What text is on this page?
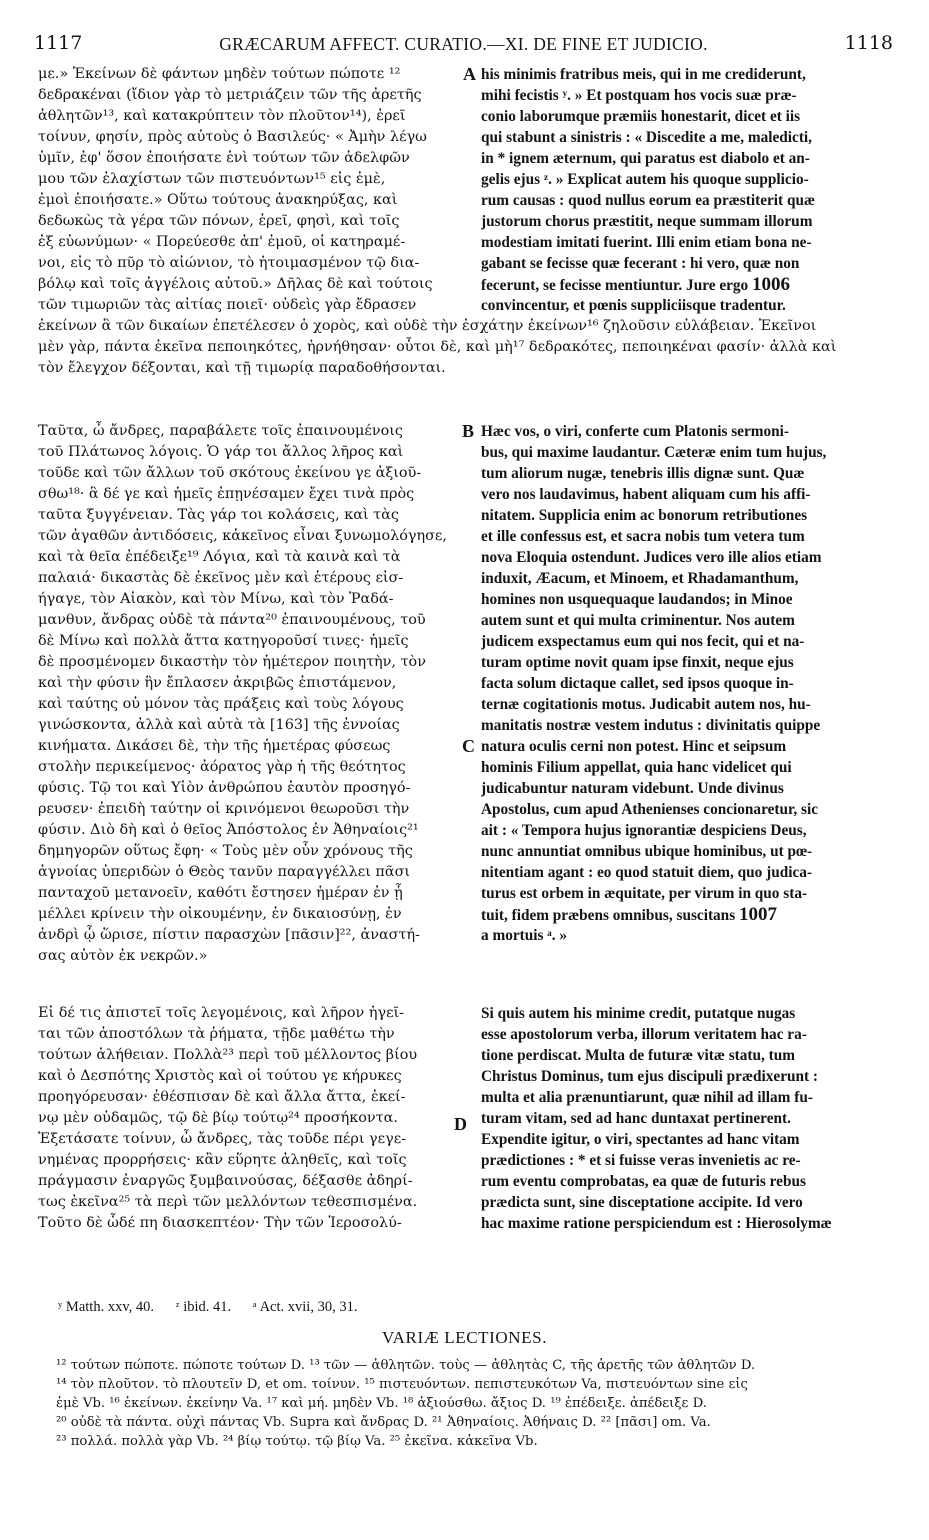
1117	GRÆCARUM AFFECT. CURATIO.—XI. DE FINE ET JUDICIO.	1118
με.» Ἐκείνων δὲ φάντων μηδὲν τούτων πώποτε ¹²
δεδρακέναι (ἴδιον γὰρ τὸ μετριάζειν τῶν τῆς ἀρετῆς
ἀθλητῶν¹³, καὶ κατακρύπτειν τὸν πλοῦτον¹⁴), ἐρεῖ
τοίνυν, φησίν, πρὸς αὐτοὺς ὁ Βασιλεύς· « Ἀμὴν λέγω
ὑμῖν, ἐφ' ὅσον ἐποιήσατε ἑνὶ τούτων τῶν ἀδελφῶν
μου τῶν ἐλαχίστων τῶν πιστευόντων¹⁵ εἰς ἐμὲ,
ἐμοὶ ἐποιήσατε.» Οὕτω τούτους ἀνακηρύξας, καὶ
δεδωκὼς τὰ γέρα τῶν πόνων, ἐρεῖ, φησὶ, καὶ τοῖς
ἐξ εὐωνύμων· « Πορεύεσθε ἀπ' ἐμοῦ, οἱ κατηραμέ-
νοι, εἰς τὸ πῦρ τὸ αἰώνιον, τὸ ἡτοιμασμένον τῷ δια-
βόλῳ καὶ τοῖς ἀγγέλοις αὐτοῦ.» Δῆλας δὲ καὶ τούτοις
τῶν τιμωριῶν τὰς αἰτίας ποιεῖ· οὐδεὶς γὰρ ἔδρασεν
A his minimis fratribus meis, qui in me crediderunt,
mihi fecistis ʸ. » Et postquam hos vocis suæ præ-
conio laborumque præmiis honestarit, dicet et iis
qui stabunt a sinistris : « Discedite a me, maledicti,
in * ignem æternum, qui paratus est diabolo et an-
gelis ejus ᶻ. » Explicat autem his quoque supplicio-
rum causas : quod nullus eorum ea præstiterit quæ
justorum chorus præstitit, neque summam illorum
modestiam imitati fuerint. Illi enim etiam bona ne-
gabant se fecisse quæ fecerant : hi vero, quæ non
fecerunt, se fecisse mentiuntur. Jure ergo 1006
convincentur, et pœnis suppliciisque tradentur.
ἐκείνων ἃ τῶν δικαίων ἐπετέλεσεν ὁ χορὸς, καὶ οὐδὲ τὴν ἐσχάτην ἐκείνων¹⁶ ζηλοῦσιν εὐλάβειαν. Ἐκεῖνοι
μὲν γὰρ, πάντα ἐκεῖνα πεποιηκότες, ἠρνήθησαν· οὗτοι δὲ, καὶ μὴ¹⁷ δεδρακότες, πεποιηκέναι φασίν· ἀλλὰ καὶ
τὸν ἔλεγχον δέξονται, καὶ τῇ τιμωρίᾳ παραδοθήσονται.
Ταῦτα, ὦ ἄνδρες, παραβάλετε τοῖς ἐπαινουμένοις
τοῦ Πλάτωνος λόγοις. Ὁ γάρ τοι ἄλλος λῆρος καὶ
τοῦδε καὶ τῶν ἄλλων τοῦ σκότους ἐκείνου γε ἀξιοῦ-
σθω¹⁸· ἃ δέ γε καὶ ἡμεῖς ἐπῃνέσαμεν ἔχει τινὰ πρὸς
ταῦτα ξυγγένειαν. Τὰς γάρ τοι κολάσεις, καὶ τὰς
τῶν ἀγαθῶν ἀντιδόσεις, κἀκεῖνος εἶναι ξυνωμολόγησε,
καὶ τὰ θεῖα ἐπέδειξε¹⁹ Λόγια, καὶ τὰ καινὰ καὶ τὰ
παλαιά· δικαστὰς δὲ ἐκεῖνος μὲν καὶ ἑτέρους εἰσ-
ήγαγε, τὸν Αἰακὸν, καὶ τὸν Μίνω, καὶ τὸν Ῥαδά-
μανθυν, ἄνδρας οὐδὲ τὰ πάντα²⁰ ἐπαινουμένους, τοῦ
δὲ Μίνω καὶ πολλὰ ἄττα κατηγοροῦσί τινες· ἡμεῖς
δὲ προσμένομεν δικαστὴν τὸν ἡμέτερον ποιητὴν, τὸν
καὶ τὴν φύσιν ἣν ἔπλασεν ἀκριβῶς ἐπιστάμενον,
καὶ ταύτης οὐ μόνον τὰς πράξεις καὶ τοὺς λόγους
γινώσκοντα, ἀλλὰ καὶ αὐτὰ τὰ [163] τῆς ἐννοίας
κινήματα. Δικάσει δὲ, τὴν τῆς ἡμετέρας φύσεως
στολὴν περικείμενος· ἀόρατος γὰρ ἡ τῆς θεότητος
φύσις. Τῷ τοι καὶ Υἱὸν ἀνθρώπου ἑαυτὸν προσηγό-
ρευσεν· ἐπειδὴ ταύτην οἱ κρινόμενοι θεωροῦσι τὴν
φύσιν. Διὸ δὴ καὶ ὁ θεῖος Ἀπόστολος ἐν Ἀθηναίοις²¹
δημηγορῶν οὕτως ἔφη· « Τοὺς μὲν οὖν χρόνους τῆς
ἀγνοίας ὑπεριδὼν ὁ Θεὸς τανῦν παραγγέλλει πᾶσι
πανταχοῦ μετανοεῖν, καθότι ἔστησεν ἡμέραν ἐν ᾗ
μέλλει κρίνειν τὴν οἰκουμένην, ἐν δικαιοσύνῃ, ἐν
ἀνδρὶ ᾧ ὥρισε, πίστιν παρασχὼν [πᾶσιν]²², ἀναστή-
σας αὐτὸν ἐκ νεκρῶν.»
B
C
Hæc vos, o viri, conferte cum Platonis sermoni-
bus, qui maxime laudantur. Cæteræ enim tum hujus,
tum aliorum nugæ, tenebris illis dignæ sunt. Quæ
vero nos laudavimus, habent aliquam cum his affi-
nitatem. Supplicia enim ac bonorum retributiones
et ille confessus est, et sacra nobis tum vetera tum
nova Eloquia ostendunt. Judices vero ille alios etiam
induxit, Æacum, et Minoem, et Rhadamanthum,
homines non usquequaque laudandos; in Minoe
autem sunt et qui multa criminentur. Nos autem
judicem exspectamus eum qui nos fecit, qui et na-
turam optime novit quam ipse finxit, neque ejus
facta solum dictaque callet, sed ipsos quoque in-
ternæ cogitationis motus. Judicabit autem nos, hu-
manitatis nostræ vestem indutus : divinitatis quippe
natura oculis cerni non potest. Hinc et seipsum
hominis Filium appellat, quia hanc videlicet qui
judicabuntur naturam videbunt. Unde divinus
Apostolus, cum apud Athenienses concionaretur, sic
ait : « Tempora hujus ignorantiæ despiciens Deus,
nunc annuntiat omnibus ubique hominibus, ut pœ-
nitentiam agant : eo quod statuit diem, quo judica-
turus est orbem in æquitate, per virum in quo sta-
tuit, fidem præbens omnibus, suscitans 1007
a mortuis ᵃ. »
Εἰ δέ τις ἀπιστεῖ τοῖς λεγομένοις, καὶ λῆρον ἡγεῖ-
ται τῶν ἀποστόλων τὰ ῥήματα, τῇδε μαθέτω τὴν
τούτων ἀλήθειαν. Πολλὰ²³ περὶ τοῦ μέλλοντος βίου
καὶ ὁ Δεσπότης Χριστὸς καὶ οἱ τούτου γε κήρυκες
προηγόρευσαν· ἐθέσπισαν δὲ καὶ ἄλλα ἄττα, ἐκεί-
νῳ μὲν οὐδαμῶς, τῷ δὲ βίῳ τούτῳ²⁴ προσήκοντα.
Ἐξετάσατε τοίνυν, ὦ ἄνδρες, τὰς τοῦδε πέρι γεγε-
νημένας προρρήσεις· κἂν εὕρητε ἀληθεῖς, καὶ τοῖς
πράγμασιν ἐναργῶς ξυμβαινούσας, δέξασθε ἀδηρί-
τως ἐκεῖνα²⁵ τὰ περὶ τῶν μελλόντων τεθεσπισμένα.
Τοῦτο δὲ ὧδέ πη διασκεπτέον· Τὴν τῶν Ἱεροσολύ-
D
Si quis autem his minime credit, putatque nugas
esse apostolorum verba, illorum veritatem hac ra-
tione perdiscat. Multa de futuræ vitæ statu, tum
Christus Dominus, tum ejus discipuli prædixerunt :
multa et alia prænuntiarunt, quæ nihil ad illam fu-
turam vitam, sed ad hanc duntaxat pertinerent.
Expendite igitur, o viri, spectantes ad hanc vitam
prædictiones : * et si fuisse veras invenietis ac re-
rum eventu comprobatas, ea quæ de futuris rebus
prædicta sunt, sine disceptatione accipite. Id vero
hac maxime ratione perspiciendum est : Hierosolymæ
ʸ Matth. xxv, 40. ᶻ ibid. 41. ᵃ Act. xvii, 30, 31.
VARIÆ LECTIONES.
¹² τούτων πώποτε. πώποτε τούτων D. ¹³ τῶν — ἀθλητῶν. τοὺς — ἀθλητὰς C, τῆς ἀρετῆς τῶν ἀθλητῶν D.
¹⁴ τὸν πλοῦτον. τὸ πλουτεῖν D, et om. τοίνυν. ¹⁵ πιστευόντων. πεπιστευκότων Va, πιστευόντων sine εἰς
ἐμὲ Vb. ¹⁶ ἐκείνων. ἐκείνην Va. ¹⁷ καὶ μή. μηδὲν Vb. ¹⁸ ἀξιούσθω. ἄξιος D. ¹⁹ ἐπέδειξε. ἀπέδειξε D.
²⁰ οὐδὲ τὰ πάντα. οὐχὶ πάντας Vb. Supra καὶ ἄνδρας D. ²¹ Ἀθηναίοις. Ἀθήναις D. ²² [πᾶσι] om. Va.
²³ πολλά. πολλὰ γὰρ Vb. ²⁴ βίῳ τούτῳ. τῷ βίῳ Va. ²⁵ ἐκεῖνα. κἀκεῖνα Vb.
